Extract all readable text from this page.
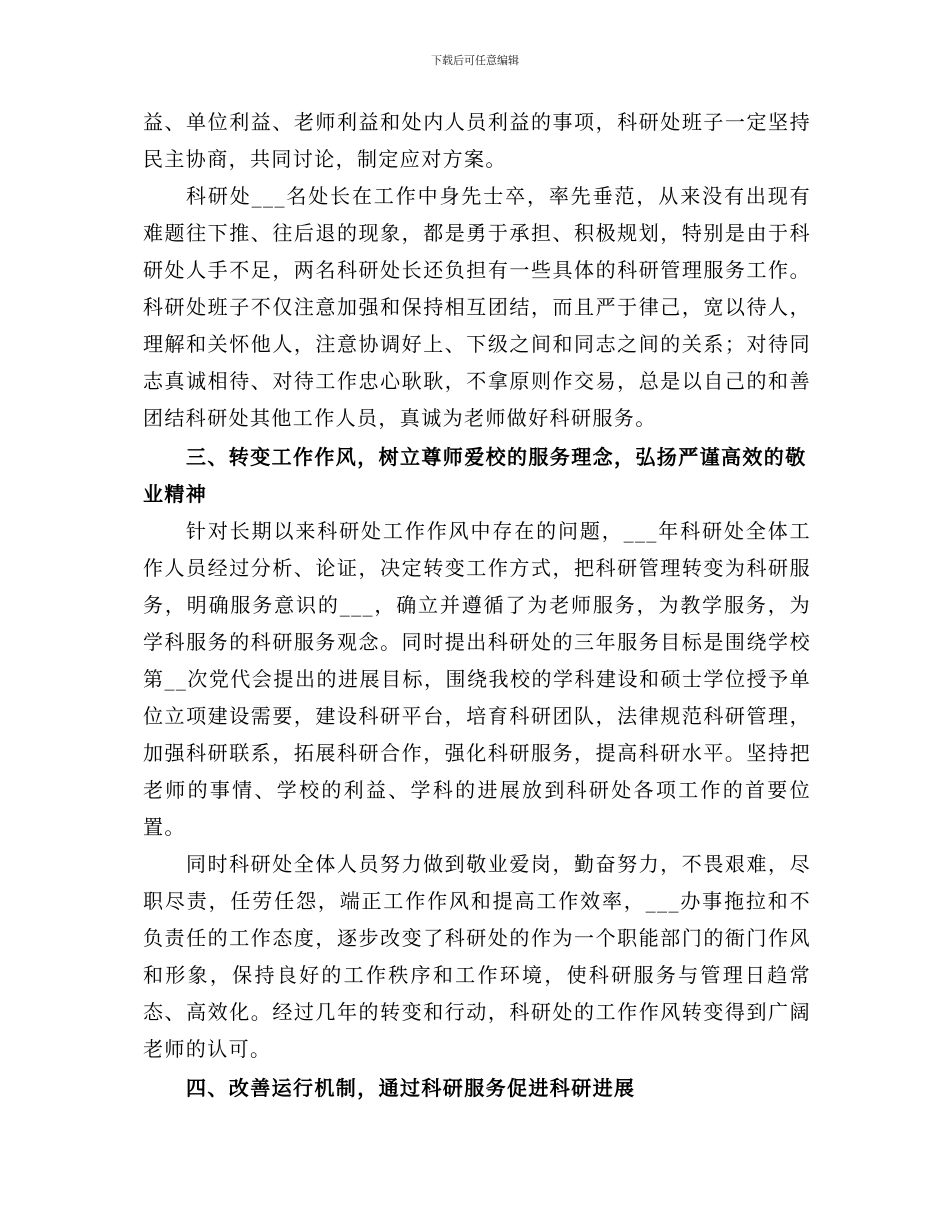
下载后可任意编辑

益、单位利益、老师利益和处内人员利益的事项，科研处班子一定坚持民主协商，共同讨论，制定应对方案。

科研处___名处长在工作中身先士卒，率先垂范，从来没有出现有难题往下推、往后退的现象，都是勇于承担、积极规划，特别是由于科研处人手不足，两名科研处长还负担有一些具体的科研管理服务工作。科研处班子不仅注意加强和保持相互团结，而且严于律己，宽以待人，理解和关怀他人，注意协调好上、下级之间和同志之间的关系；对待同志真诚相待、对待工作忠心耿耿，不拿原则作交易，总是以自己的和善团结科研处其他工作人员，真诚为老师做好科研服务。

三、转变工作作风，树立尊师爱校的服务理念，弘扬严谨高效的敬业精神

针对长期以来科研处工作作风中存在的问题，___年科研处全体工作人员经过分析、论证，决定转变工作方式，把科研管理转变为科研服务，明确服务意识的___，确立并遵循了为老师服务，为教学服务，为学科服务的科研服务观念。同时提出科研处的三年服务目标是围绕学校第__次党代会提出的进展目标，围绕我校的学科建设和硕士学位授予单位立项建设需要，建设科研平台，培育科研团队，法律规范科研管理，加强科研联系，拓展科研合作，强化科研服务，提高科研水平。坚持把老师的事情、学校的利益、学科的进展放到科研处各项工作的首要位置。

同时科研处全体人员努力做到敬业爱岗，勤奋努力，不畏艰难，尽职尽责，任劳任怨，端正工作作风和提高工作效率，___办事拖拉和不负责任的工作态度，逐步改变了科研处的作为一个职能部门的衙门作风和形象，保持良好的工作秩序和工作环境，使科研服务与管理日趋常态、高效化。经过几年的转变和行动，科研处的工作作风转变得到广阔老师的认可。

四、改善运行机制，通过科研服务促进科研进展
